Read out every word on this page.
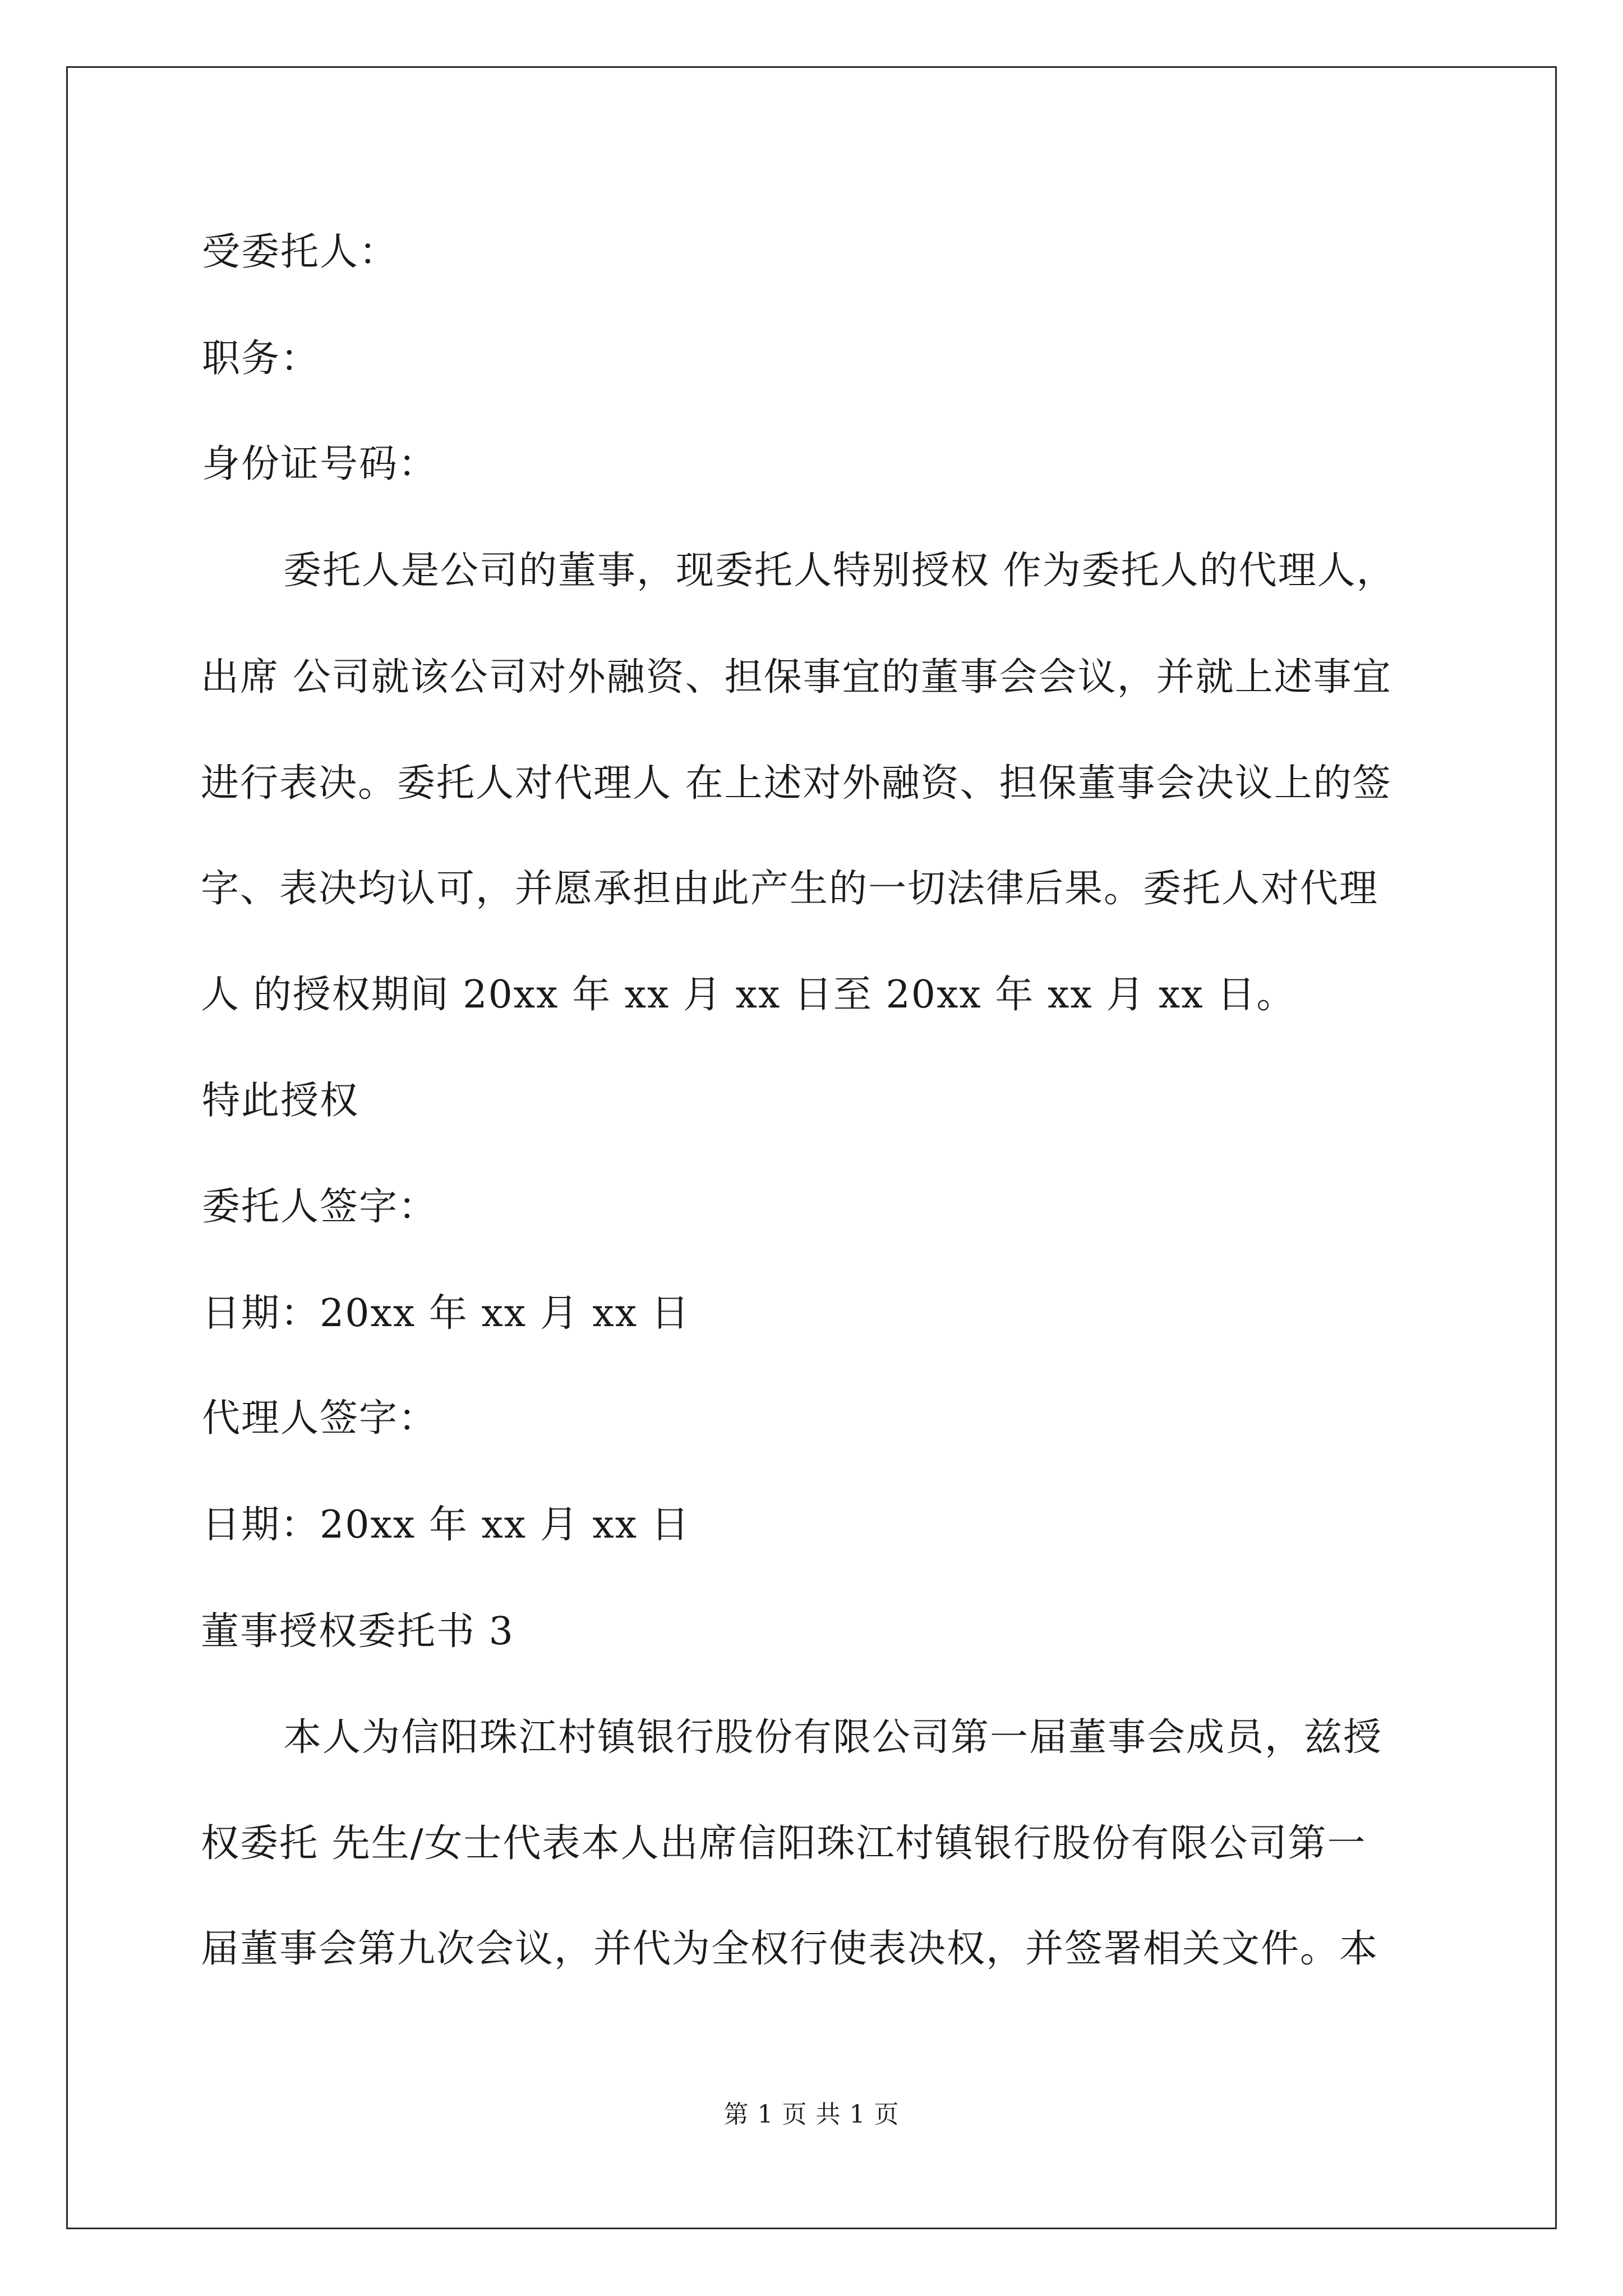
受委托人：
职务：
身份证号码：
委托人是公司的董事，现委托人特别授权 作为委托人的代理人，
出席 公司就该公司对外融资、担保事宜的董事会会议，并就上述事宜
进行表决。委托人对代理人 在上述对外融资、担保董事会决议上的签
字、表决均认可，并愿承担由此产生的一切法律后果。委托人对代理
人 的授权期间 20xx 年 xx 月 xx 日至 20xx 年 xx 月 xx 日。
特此授权
委托人签字：
日期：20xx 年 xx 月 xx 日
代理人签字：
日期：20xx 年 xx 月 xx 日
董事授权委托书 3
本人为信阳珠江村镇银行股份有限公司第一届董事会成员，兹授
权委托 先生/女士代表本人出席信阳珠江村镇银行股份有限公司第一
届董事会第九次会议，并代为全权行使表决权，并签署相关文件。本
第 1 页 共 1 页
